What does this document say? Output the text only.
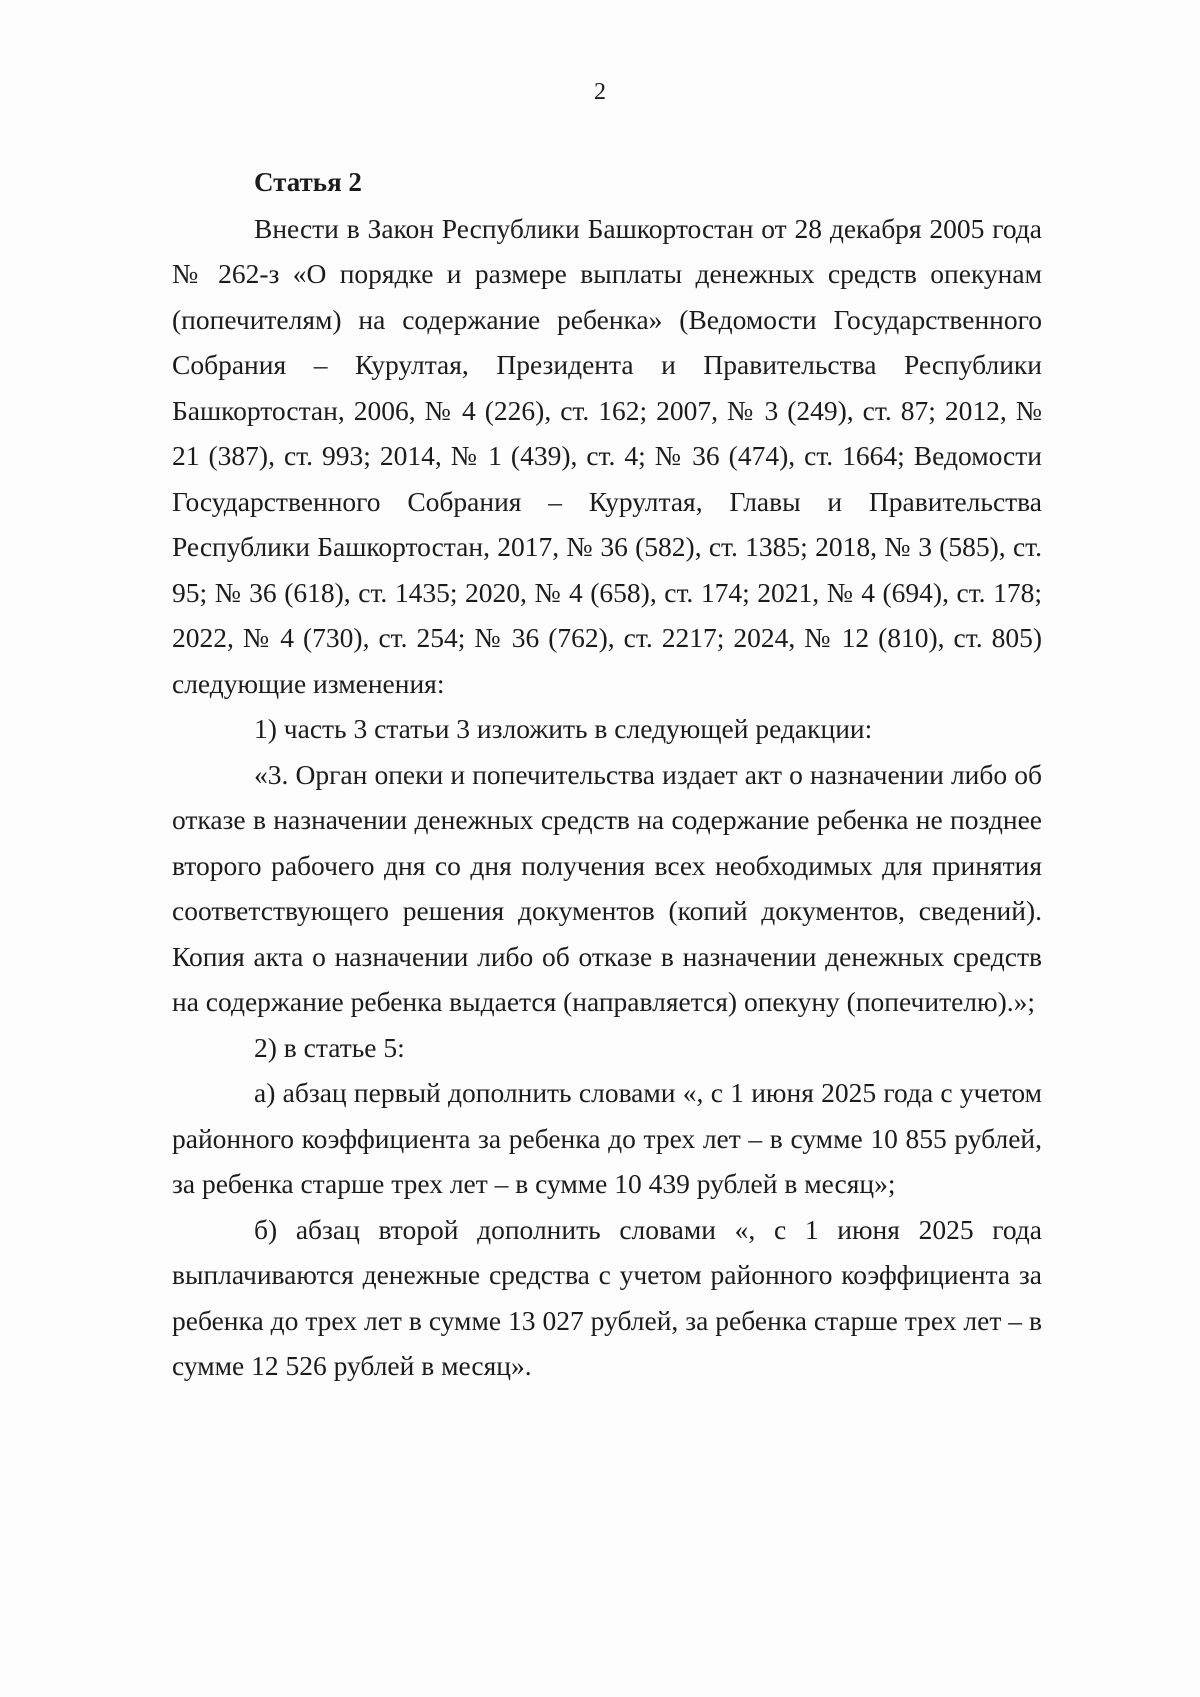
2

Статья 2

Внести в Закон Республики Башкортостан от 28 декабря 2005 года № 262-з «О порядке и размере выплаты денежных средств опекунам (попечителям) на содержание ребенка» (Ведомости Государственного Собрания – Курултая, Президента и Правительства Республики Башкортостан, 2006, № 4 (226), ст. 162; 2007, № 3 (249), ст. 87; 2012, № 21 (387), ст. 993; 2014, № 1 (439), ст. 4; № 36 (474), ст. 1664; Ведомости Государственного Собрания – Курултая, Главы и Правительства Республики Башкортостан, 2017, № 36 (582), ст. 1385; 2018, № 3 (585), ст. 95; № 36 (618), ст. 1435; 2020, № 4 (658), ст. 174; 2021, № 4 (694), ст. 178; 2022, № 4 (730), ст. 254; № 36 (762), ст. 2217; 2024, № 12 (810), ст. 805) следующие изменения:

1) часть 3 статьи 3 изложить в следующей редакции:

«3. Орган опеки и попечительства издает акт о назначении либо об отказе в назначении денежных средств на содержание ребенка не позднее второго рабочего дня со дня получения всех необходимых для принятия соответствующего решения документов (копий документов, сведений). Копия акта о назначении либо об отказе в назначении денежных средств на содержание ребенка выдается (направляется) опекуну (попечителю).»;

2) в статье 5:

а) абзац первый дополнить словами «, с 1 июня 2025 года с учетом районного коэффициента за ребенка до трех лет – в сумме 10 855 рублей, за ребенка старше трех лет – в сумме 10 439 рублей в месяц»;

б) абзац второй дополнить словами «, с 1 июня 2025 года выплачиваются денежные средства с учетом районного коэффициента за ребенка до трех лет в сумме 13 027 рублей, за ребенка старше трех лет – в сумме 12 526 рублей в месяц».
